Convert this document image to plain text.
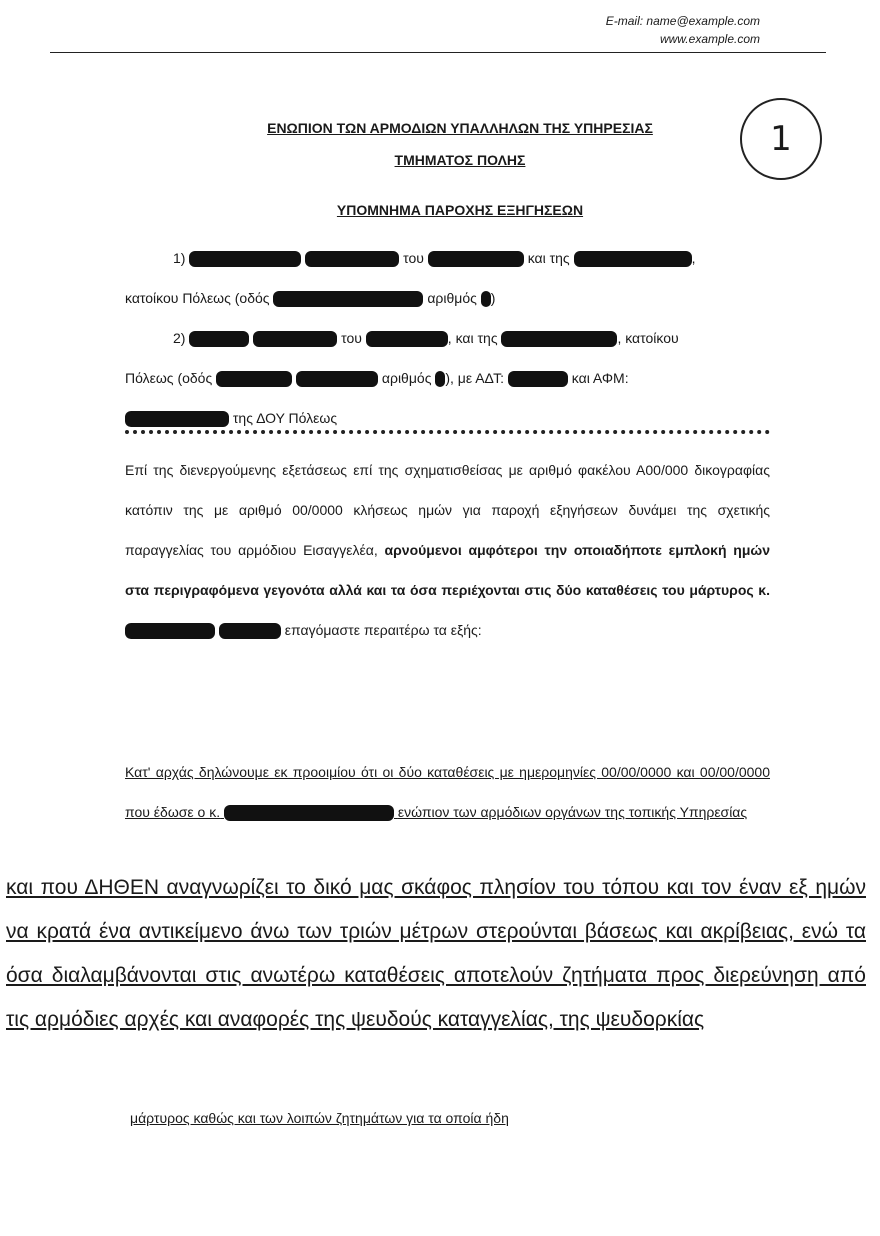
E-mail: name@example.com
www.example.com
ΕΝΩΠΙΟΝ ΤΩΝ ΑΡΜΟΔΙΩΝ ΥΠΑΛΛΗΛΩΝ ΤΗΣ ΥΠΗΡΕΣΙΑΣ
ΤΜΗΜΑΤΟΣ ΠΟΛΗΣ
ΥΠΟΜΝΗΜΑ ΠΑΡΟΧΗΣ ΕΞΗΓΗΣΕΩΝ
1

1)	του	και της	,

κατοίκου Πόλεως (οδός	αριθμός )

2)	του	, και της	, κατοίκου

Πόλεως (οδός	αριθμός ), με ΑΔΤ:	και ΑΦΜ:

της ΔΟΥ Πόλεως

Επί της διενεργούμενης εξετάσεως επί της σχηματισθείσας με αριθμό φακέλου Α00/000 δικογραφίας κατόπιν της με αριθμό 00/0000 κλήσεως ημών για παροχή εξηγήσεων δυνάμει της σχετικής παραγγελίας του αρμόδιου Εισαγγελέα, αρνούμενοι αμφότεροι την οποιαδήποτε εμπλοκή ημών στα περιγραφόμενα γεγονότα αλλά και τα όσα περιέχονται στις δύο καταθέσεις του μάρτυρος κ.   επαγόμαστε περαιτέρω τα εξής:

Κατ' αρχάς δηλώνουμε εκ προοιμίου ότι οι δύο καταθέσεις με ημερομηνίες 00/00/0000 και 00/00/0000 που έδωσε ο κ.	ενώπιον των αρμόδιων οργάνων της τοπικής Υπηρεσίας

και που ΔΗΘΕΝ αναγνωρίζει το δικό μας σκάφος πλησίον του τόπου και τον έναν εξ ημών να κρατά ένα αντικείμενο άνω των τριών μέτρων στερούνται βάσεως και ακρίβειας, ενώ τα όσα διαλαμβάνονται στις ανωτέρω καταθέσεις αποτελούν ζητήματα προς διερεύνηση από τις αρμόδιες αρχές και αναφορές της ψευδούς καταγγελίας, της ψευδορκίας
μάρτυρος καθώς και των λοιπών ζητημάτων για τα οποία ήδη
